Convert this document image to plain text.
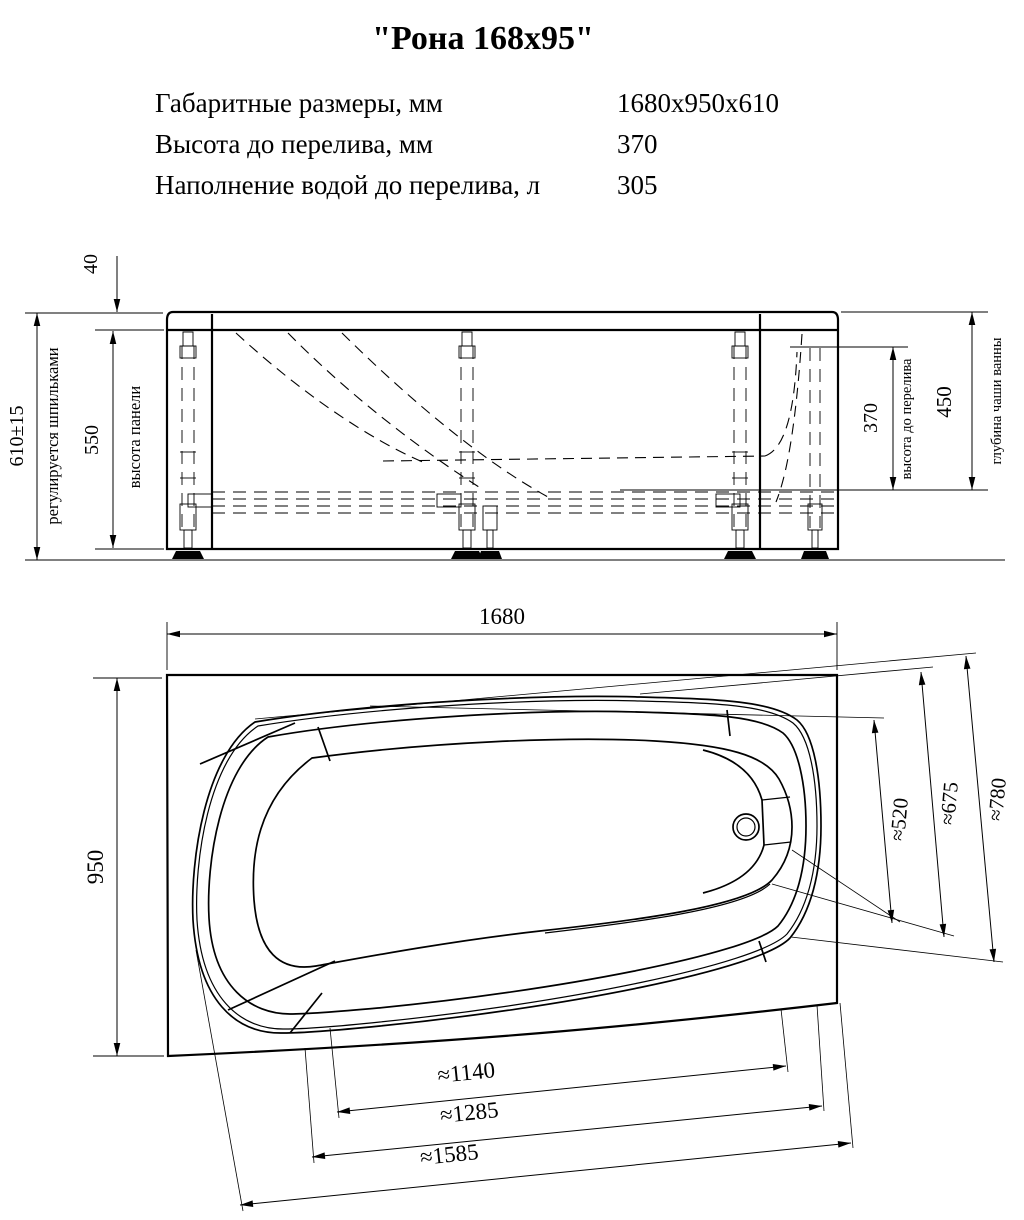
"Рона 168x95"
Габаритные размеры, мм	1680x950x610
Высота до перелива, мм	370
Наполнение водой до перелива, л	305
40
610±15 регулируется шпильками 550 высота панели	370 высота до перелива 450 глубина чаши ванны
1680
950
≈520 ≈675 ≈780
≈1140
≈1285
≈1585
